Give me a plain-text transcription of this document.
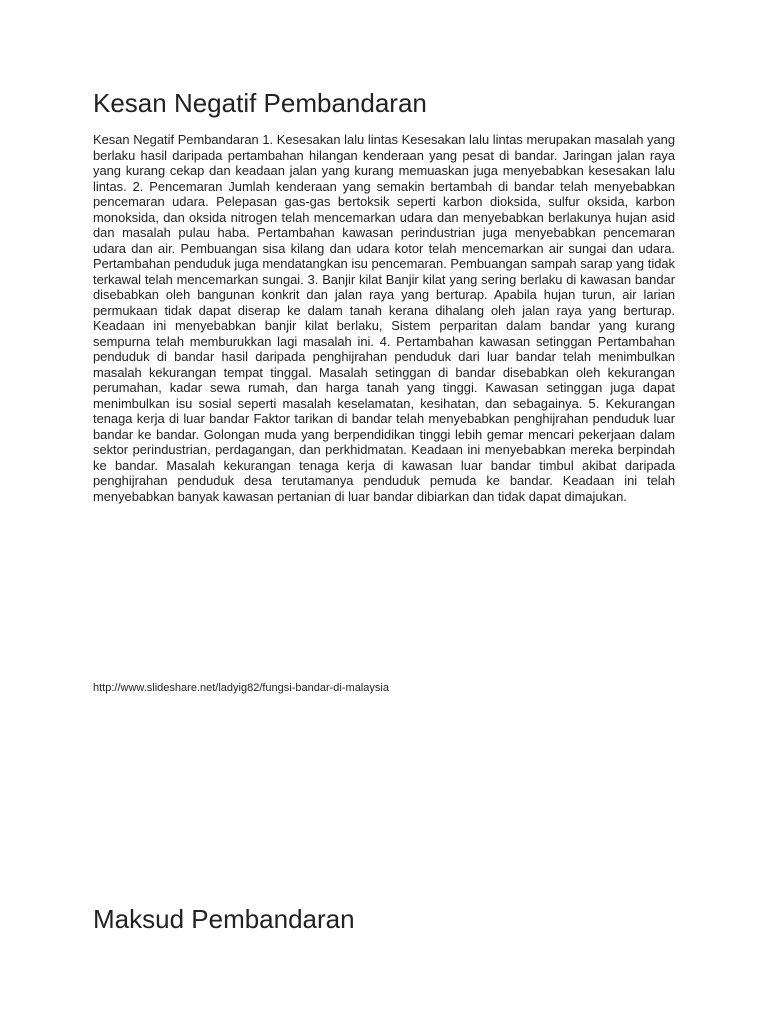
Kesan Negatif Pembandaran

Kesan Negatif Pembandaran 1. Kesesakan lalu lintas Kesesakan lalu lintas merupakan masalah yang berlaku hasil daripada pertambahan hilangan kenderaan yang pesat di bandar. Jaringan jalan raya yang kurang cekap dan keadaan jalan yang kurang memuaskan juga menyebabkan kesesakan lalu lintas. 2. Pencemaran Jumlah kenderaan yang semakin bertambah di bandar telah menyebabkan pencemaran udara. Pelepasan gas-gas bertoksik seperti karbon dioksida, sulfur oksida, karbon monoksida, dan oksida nitrogen telah mencemarkan udara dan menyebabkan berlakunya hujan asid dan masalah pulau haba. Pertambahan kawasan perindustrian juga menyebabkan pencemaran udara dan air. Pembuangan sisa kilang dan udara kotor telah mencemarkan air sungai dan udara. Pertambahan penduduk juga mendatangkan isu pencemaran. Pembuangan sampah sarap yang tidak terkawal telah mencemarkan sungai. 3. Banjir kilat Banjir kilat yang sering berlaku di kawasan bandar disebabkan oleh bangunan konkrit dan jalan raya yang berturap. Apabila hujan turun, air larian permukaan tidak dapat diserap ke dalam tanah kerana dihalang oleh jalan raya yang berturap. Keadaan ini menyebabkan banjir kilat berlaku, Sistem perparitan dalam bandar yang kurang sempurna telah memburukkan lagi masalah ini. 4. Pertambahan kawasan setinggan Pertambahan penduduk di bandar hasil daripada penghijrahan penduduk dari luar bandar telah menimbulkan masalah kekurangan tempat tinggal. Masalah setinggan di bandar disebabkan oleh kekurangan perumahan, kadar sewa rumah, dan harga tanah yang tinggi. Kawasan setinggan juga dapat menimbulkan isu sosial seperti masalah keselamatan, kesihatan, dan sebagainya. 5. Kekurangan tenaga kerja di luar bandar Faktor tarikan di bandar telah menyebabkan penghijrahan penduduk luar bandar ke bandar. Golongan muda yang berpendidikan tinggi lebih gemar mencari pekerjaan dalam sektor perindustrian, perdagangan, dan perkhidmatan. Keadaan ini menyebabkan mereka berpindah ke bandar. Masalah kekurangan tenaga kerja di kawasan luar bandar timbul akibat daripada penghijrahan penduduk desa terutamanya penduduk pemuda ke bandar. Keadaan ini telah menyebabkan banyak kawasan pertanian di luar bandar dibiarkan dan tidak dapat dimajukan.

http://www.slideshare.net/ladyig82/fungsi-bandar-di-malaysia
Maksud Pembandaran
